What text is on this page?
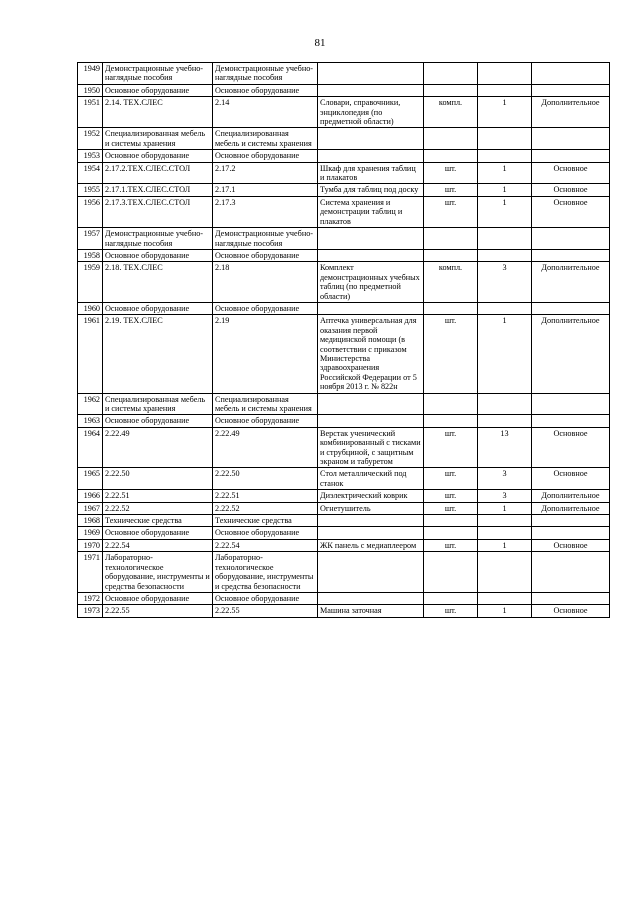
81
1949	Демонстрационные учебно-наглядные пособия	Демонстрационные учебно-наглядные пособия				
1950	Основное оборудование	Основное оборудование				
1951	2.14. ТЕХ.СЛЕС	2.14	Словари, справочники, энциклопедия (по предметной области)	компл.	1	Дополнительное
1952	Специализированная мебель и системы хранения	Специализированная мебель и системы хранения				
1953	Основное оборудование	Основное оборудование				
1954	2.17.2.ТЕХ.СЛЕС.СТОЛ	2.17.2	Шкаф для хранения таблиц и плакатов	шт.	1	Основное
1955	2.17.1.ТЕХ.СЛЕС.СТОЛ	2.17.1	Тумба для таблиц под доску	шт.	1	Основное
1956	2.17.3.ТЕХ.СЛЕС.СТОЛ	2.17.3	Система хранения и демонстрации таблиц и плакатов	шт.	1	Основное
1957	Демонстрационные учебно-наглядные пособия	Демонстрационные учебно-наглядные пособия				
1958	Основное оборудование	Основное оборудование				
1959	2.18. ТЕХ.СЛЕС	2.18	Комплект демонстрационных учебных таблиц (по предметной области)	компл.	3	Дополнительное
1960	Основное оборудование	Основное оборудование				
1961	2.19. ТЕХ.СЛЕС	2.19	Аптечка универсальная для оказания первой медицинской помощи (в соответствии с приказом Министерства здравоохранения Российской Федерации от 5 ноября 2013 г. № 822н	шт.	1	Дополнительное
1962	Специализированная мебель и системы хранения	Специализированная мебель и системы хранения				
1963	Основное оборудование	Основное оборудование				
1964	2.22.49	2.22.49	Верстак ученический комбинированный с тисками и струбциной, с защитным экраном и табуретом	шт.	13	Основное
1965	2.22.50	2.22.50	Стол металлический под станок	шт.	3	Основное
1966	2.22.51	2.22.51	Диэлектрический коврик	шт.	3	Дополнительное
1967	2.22.52	2.22.52	Огнетушитель	шт.	1	Дополнительное
1968	Технические средства	Технические средства				
1969	Основное оборудование	Основное оборудование				
1970	2.22.54	2.22.54	ЖК панель с медиаплеером	шт.	1	Основное
1971	Лабораторно-технологическое оборудование, инструменты и средства безопасности	Лабораторно-технологическое оборудование, инструменты и средства безопасности				
1972	Основное оборудование	Основное оборудование				
1973	2.22.55	2.22.55	Машина заточная	шт.	1	Основное
